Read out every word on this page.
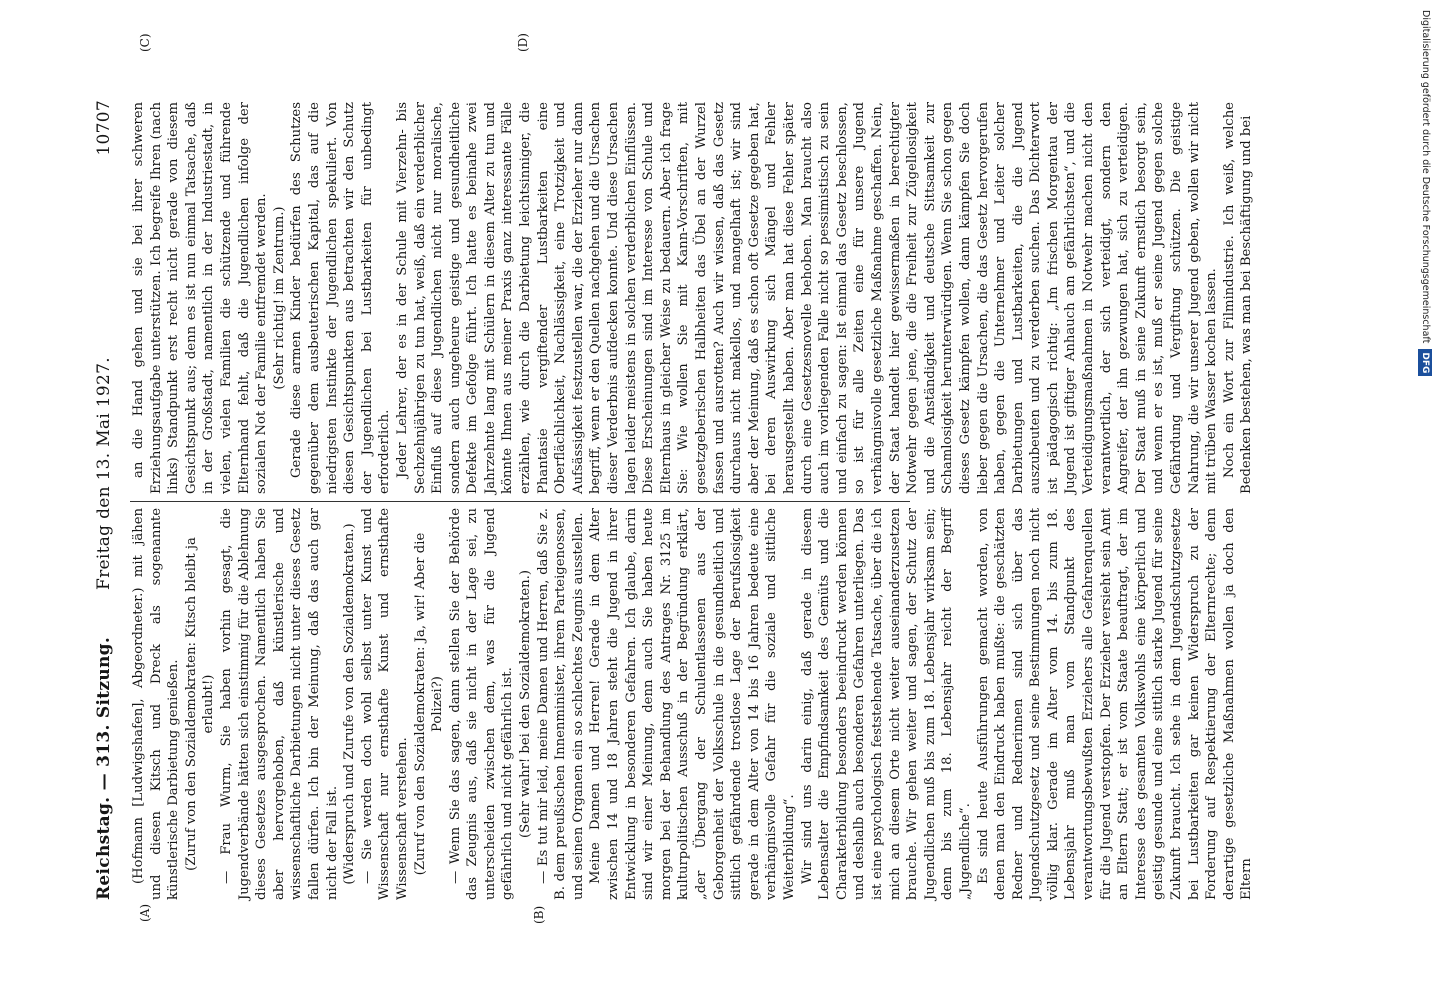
Reichstag. — 313. Sitzung.
Freitag den 13. Mai 1927.
10707
(A)	(B)
(C)	(D)

(Hofmann [Ludwigshafen], Abgeordneter.) mit jähen und diesen Kitsch und Dreck als sogenannte künstlerische Darbietung genießen. (Zuruf von den Sozialdemokraten: Kitsch bleibt ja erlaubt!) — Frau Wurm, Sie haben vorhin gesagt, die Jugendverbände hätten sich einstimmig für die Ablehnung dieses Gesetzes ausgesprochen. Namentlich haben Sie aber hervorgehoben, daß künstlerische und wissenschaftliche Darbietungen nicht unter dieses Gesetz fallen dürfen. Ich bin der Meinung, daß das auch gar nicht der Fall ist. (Widerspruch und Zurufe von den Sozialdemokraten.) — Sie werden doch wohl selbst unter Kunst und Wissenschaft nur ernsthafte Kunst und ernsthafte Wissenschaft verstehen. (Zuruf von den Sozialdemokraten: Ja, wir! Aber die Polizei?) — Wenn Sie das sagen, dann stellen Sie der Behörde das Zeugnis aus, daß sie nicht in der Lage sei, zu unterscheiden zwischen dem, was für die Jugend gefährlich und nicht gefährlich ist. (Sehr wahr! bei den Sozialdemokraten.) — Es tut mir leid, meine Damen und Herren, daß Sie z. B. dem preußischen Innenminister, ihrem Parteigenossen, und seinen Organen ein so schlechtes Zeugnis ausstellen. Meine Damen und Herren! Gerade in dem Alter zwischen 14 und 18 Jahren steht die Jugend in ihrer Entwicklung in besonderen Gefahren. Ich glaube, darin sind wir einer Meinung, denn auch Sie haben heute morgen bei der Behandlung des Antrages Nr. 3125 im kulturpolitischen Ausschuß in der Begründung erklärt, „der Übergang der Schulentlassenen aus der Geborgenheit der Volksschule in die gesundheitlich und sittlich gefährdende trostlose Lage der Berufslosigkeit gerade in dem Alter von 14 bis 16 Jahren bedeute eine verhängnisvolle Gefahr für die soziale und sittliche Weiterbildung“. Wir sind uns darin einig, daß gerade in diesem Lebensalter die Empfindsamkeit des Gemüts und die Charakterbildung besonders beeindruckt werden können und deshalb auch besonderen Gefahren unterliegen. Das ist eine psychologisch feststehende Tatsache, über die ich mich an diesem Orte nicht weiter auseinanderzusetzen brauche. Wir gehen weiter und sagen, der Schutz der Jugendlichen muß bis zum 18. Lebensjahr wirksam sein; denn bis zum 18. Lebensjahr reicht der Begriff „Jugendliche“. Es sind heute Ausführungen gemacht worden, von denen man den Eindruck haben mußte: die geschätzten Redner und Rednerinnen sind sich über das Jugendschutzgesetz und seine Bestimmungen noch nicht völlig klar. Gerade im Alter vom 14. bis zum 18. Lebensjahr muß man vom Standpunkt des verantwortungsbewußten Erziehers alle Gefahrenquellen für die Jugend verstopfen. Der Erzieher versieht sein Amt an Eltern Statt; er ist vom Staate beauftragt, der im Interesse des gesamten Volkswohls eine körperlich und geistig gesunde und eine sittlich starke Jugend für seine Zukunft braucht. Ich sehe in dem Jugendschutzgesetze bei Lustbarkeiten gar keinen Widerspruch zu der Forderung auf Respektierung der Elternrechte; denn derartige gesetzliche Maßnahmen wollen ja doch den Eltern

an die Hand gehen und sie bei ihrer schweren Erziehungsaufgabe unterstützen. Ich begreife Ihren (nach links) Standpunkt erst recht nicht gerade von diesem Gesichtspunkt aus; denn es ist nun einmal Tatsache, daß in der Großstadt, namentlich in der Industriestadt, in vielen, vielen Familien die schützende und führende Elternhand fehlt, daß die Jugendlichen infolge der sozialen Not der Familie entfremdet werden. (Sehr richtig! im Zentrum.) Gerade diese armen Kinder bedürfen des Schutzes gegenüber dem ausbeuterischen Kapital, das auf die niedrigsten Instinkte der Jugendlichen spekuliert. Von diesen Gesichtspunkten aus betrachten wir den Schutz der Jugendlichen bei Lustbarkeiten für unbedingt erforderlich. Jeder Lehrer, der es in der Schule mit Vierzehn- bis Sechzehnjährigen zu tun hat, weiß, daß ein verderblicher Einfluß auf diese Jugendlichen nicht nur moralische, sondern auch ungeheure geistige und gesundheitliche Defekte im Gefolge führt. Ich hatte es beinahe zwei Jahrzehnte lang mit Schülern in diesem Alter zu tun und könnte Ihnen aus meiner Praxis ganz interessante Fälle erzählen, wie durch die Darbietung leichtsinniger, die Phantasie vergiftender Lustbarkeiten eine Oberflächlichkeit, Nachlässigkeit, eine Trotzigkeit und Aufsässigkeit festzustellen war, die der Erzieher nur dann begriff, wenn er den Quellen nachgehen und die Ursachen dieser Verderbnis aufdecken konnte. Und diese Ursachen lagen leider meistens in solchen verderblichen Einflüssen. Diese Erscheinungen sind im Interesse von Schule und Elternhaus in gleicher Weise zu bedauern. Aber ich frage Sie: Wie wollen Sie mit Kann-Vorschriften, mit gesetzgeberischen Halbheiten das Übel an der Wurzel fassen und ausrotten? Auch wir wissen, daß das Gesetz durchaus nicht makellos, und mangelhaft ist; wir sind aber der Meinung, daß es schon oft Gesetze gegeben hat, bei deren Auswirkung sich Mängel und Fehler herausgestellt haben. Aber man hat diese Fehler später durch eine Gesetzesnovelle behoben. Man braucht also auch im vorliegenden Falle nicht so pessimistisch zu sein und einfach zu sagen: Ist einmal das Gesetz beschlossen, so ist für alle Zeiten eine für unsere Jugend verhängnisvolle gesetzliche Maßnahme geschaffen. Nein, der Staat handelt hier gewissermaßen in berechtigter Notwehr gegen jene, die die Freiheit zur Zügellosigkeit und die Anständigkeit und deutsche Sittsamkeit zur Schamlosigkeit herunterwürdigen. Wenn Sie schon gegen dieses Gesetz kämpfen wollen, dann kämpfen Sie doch lieber gegen die Ursachen, die das Gesetz hervorgerufen haben, gegen die Unternehmer und Leiter solcher Darbietungen und Lustbarkeiten, die die Jugend auszubeuten und zu verderben suchen. Das Dichterwort ist pädagogisch richtig: „Im frischen Morgentau der Jugend ist giftiger Anhauch am gefährlichsten“, und die Verteidigungsmaßnahmen in Notwehr machen nicht den verantwortlich, der sich verteidigt, sondern den Angreifer, der ihn gezwungen hat, sich zu verteidigen. Der Staat muß in seine Zukunft ernstlich besorgt sein, und wenn er es ist, muß er seine Jugend gegen solche Gefährdung und Vergiftung schützen. Die geistige Nahrung, die wir unserer Jugend geben, wollen wir nicht mit trüben Wasser kochen lassen. Noch ein Wort zur Filmindustrie. Ich weiß, welche Bedenken bestehen, was man bei Beschäftigung und bei	Digitalisierung gefördert durch die Deutsche Forschungsgemeinschaft DFG
